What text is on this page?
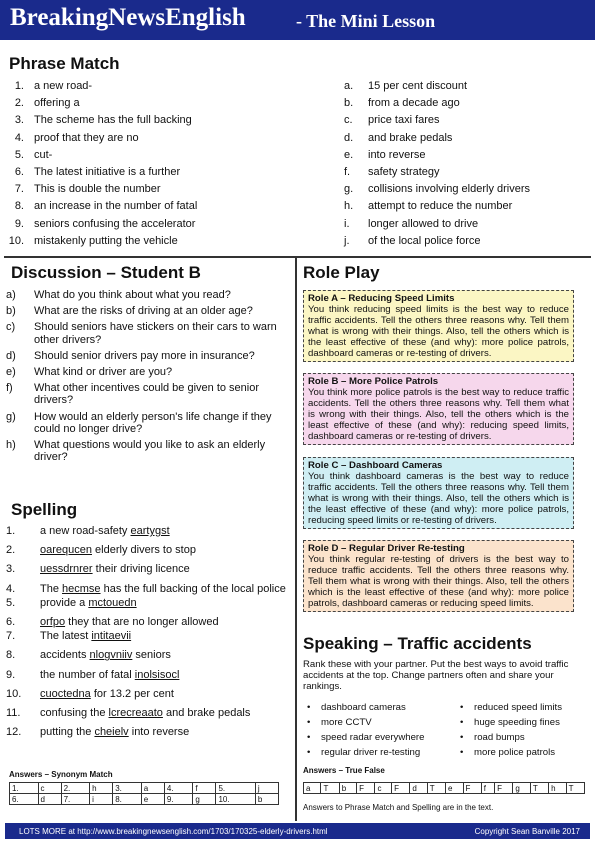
BreakingNewsEnglish	- The Mini Lesson
Phrase Match
1. a new road-
2. offering a
3. The scheme has the full backing
4. proof that they are no
5. cut-
6. The latest initiative is a further
7. This is double the number
8. an increase in the number of fatal
9. seniors confusing the accelerator
10. mistakenly putting the vehicle
a. 15 per cent discount
b. from a decade ago
c. price taxi fares
d. and brake pedals
e. into reverse
f. safety strategy
g. collisions involving elderly drivers
h. attempt to reduce the number
i. longer allowed to drive
j. of the local police force
Discussion – Student B
a) What do you think about what you read?
b) What are the risks of driving at an older age?
c) Should seniors have stickers on their cars to warn other drivers?
d) Should senior drivers pay more in insurance?
e) What kind or driver are you?
f) What other incentives could be given to senior drivers?
g) How would an elderly person's life change if they could no longer drive?
h) What questions would you like to ask an elderly driver?
Spelling
1. a new road-safety eartygst
2. oarequcen elderly divers to stop
3. uessdrnrer their driving licence
4. The hecmse has the full backing of the local police
5. provide a mctouedn
6. orfpo they that are no longer allowed
7. The latest intitaevii
8. accidents nlogvniiv seniors
9. the number of fatal inolsisocl
10. cuoctedna for 13.2 per cent
11. confusing the lcrecreaato and brake pedals
12. putting the cheielv into reverse
Answers – Synonym Match
1.	c	2.	h	3.	a	4.	f	5.	j
6.	d	7.	i	8.	e	9.	g	10.	b
Role Play
Role A – Reducing Speed Limits
You think reducing speed limits is the best way to reduce traffic accidents. Tell the others three reasons why. Tell them what is wrong with their things. Also, tell the others which is the least effective of these (and why): more police patrols, dashboard cameras or re-testing of drivers.
Role B – More Police Patrols
You think more police patrols is the best way to reduce traffic accidents. Tell the others three reasons why. Tell them what is wrong with their things. Also, tell the others which is the least effective of these (and why): reducing speed limits, dashboard cameras or re-testing of drivers.
Role C – Dashboard Cameras
You think dashboard cameras is the best way to reduce traffic accidents. Tell the others three reasons why. Tell them what is wrong with their things. Also, tell the others which is the least effective of these (and why): more police patrols, reducing speed limits or re-testing of drivers.
Role D – Regular Driver Re-testing
You think regular re-testing of drivers is the best way to reduce traffic accidents. Tell the others three reasons why. Tell them what is wrong with their things. Also, tell the others which is the least effective of these (and why): more police patrols, dashboard cameras or reducing speed limits.
Speaking – Traffic accidents
Rank these with your partner. Put the best ways to avoid traffic accidents at the top. Change partners often and share your rankings.
• dashboard cameras
• more CCTV
• speed radar everywhere
• regular driver re-testing
• reduced speed limits
• huge speeding fines
• road bumps
• more police patrols
Answers – True False
a	T	b	F	c	F	d	T	e	F	f	F	g	T	h	T
Answers to Phrase Match and Spelling are in the text.
LOTS MORE at http://www.breakingnewsenglish.com/1703/170325-elderly-drivers.html	Copyright Sean Banville 2017
